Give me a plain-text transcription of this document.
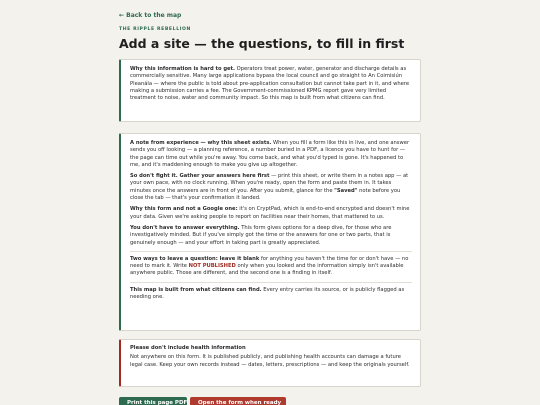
← Back to the map
THE RIPPLE REBELLION
Add a site — the questions, to fill in first

Why this information is hard to get. Operators treat power, water, generator and discharge details as commercially sensitive. Many large applications bypass the local council and go straight to An Coimisiún Pleanála — where the public is told about pre-application consultation but cannot take part in it, and where making a submission carries a fee. The Government-commissioned KPMG report gave very limited treatment to noise, water and community impact. So this map is built from what citizens can find.

A note from experience — why this sheet exists. When you fill a form like this in live, and one answer sends you off looking — a planning reference, a number buried in a PDF, a licence you have to hunt for — the page can time out while you're away. You come back, and what you'd typed is gone. It's happened to me, and it's maddening enough to make you give up altogether.

So don't fight it. Gather your answers here first — print this sheet, or write them in a notes app — at your own pace, with no clock running. When you're ready, open the form and paste them in. It takes minutes once the answers are in front of you. After you submit, glance for the "Saved" note before you close the tab — that's your confirmation it landed.

Why this form and not a Google one: it's on CryptPad, which is end-to-end encrypted and doesn't mine your data. Given we're asking people to report on facilities near their homes, that mattered to us.

You don't have to answer everything. This form gives options for a deep dive, for those who are investigatively minded. But if you've simply got the time or the answers for one or two parts, that is genuinely enough — and your effort in taking part is greatly appreciated.

Two ways to leave a question: leave it blank for anything you haven't the time for or don't have — no need to mark it. Write NOT PUBLISHED only when you looked and the information simply isn't available anywhere public. Those are different, and the second one is a finding in itself.

This map is built from what citizens can find. Every entry carries its source, or is publicly flagged as needing one.

Please don't include health information

Not anywhere on this form. It is published publicly, and publishing health accounts can damage a future legal case. Keep your own records instead — dates, letters, prescriptions — and keep the originals yourself.

Print this page PDF	Open the form when ready
